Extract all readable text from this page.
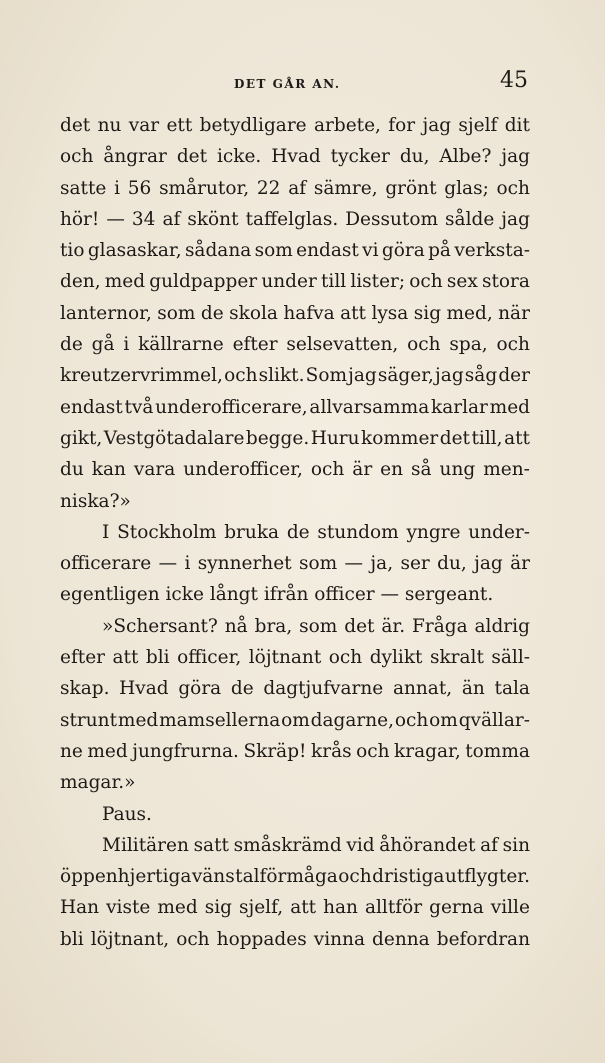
DET GÅR AN.	45
det nu var ett betydligare arbete, for jag sjelf dit
och ångrar det icke. Hvad tycker du, Albe? jag
satte i 56 smårutor, 22 af sämre, grönt glas; och
hör! — 34 af skönt taffelglas. Dessutom sålde jag
tio glasaskar, sådana som endast vi göra på verksta-
den, med guldpapper under till lister; och sex stora
lanternor, som de skola hafva att lysa sig med, när
de gå i källrarne efter selsevatten, och spa, och
kreutzervrimmel, och slikt. Som jag säger, jag såg der
endast två underofficerare, allvarsamma karlar med
gikt, Vestgötadalare begge. Huru kommer det till, att
du kan vara underofficer, och är en så ung men-
niska?»
I Stockholm bruka de stundom yngre under-
officerare — i synnerhet som — ja, ser du, jag är
egentligen icke långt ifrån officer — sergeant.
»Schersant? nå bra, som det är. Fråga aldrig
efter att bli officer, löjtnant och dylikt skralt säll-
skap. Hvad göra de dagtjufvarne annat, än tala
strunt med mamsellerna om dagarne, och om qvällar-
ne med jungfrurna. Skräp! krås och kragar, tomma
magar.»
Paus.
Militären satt småskrämd vid åhörandet af sin
öppenhjertiga väns talförmåga och dristiga utflygter.
Han viste med sig sjelf, att han alltför gerna ville
bli löjtnant, och hoppades vinna denna befordran
